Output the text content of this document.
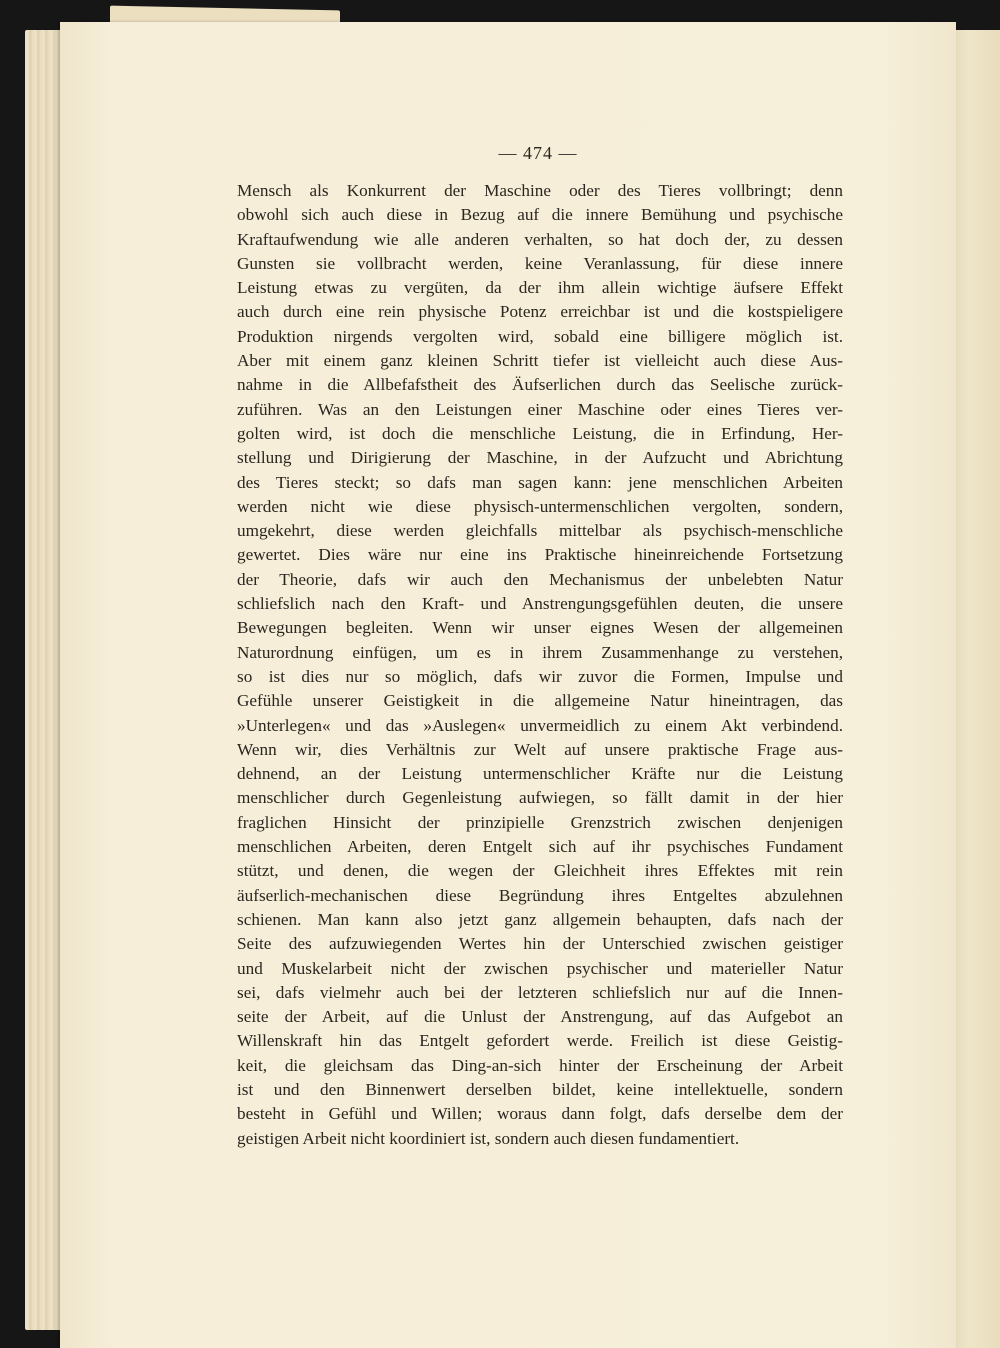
— 474 —
Mensch als Konkurrent der Maschine oder des Tieres vollbringt; denn
obwohl sich auch diese in Bezug auf die innere Bemühung und psychische
Kraftaufwendung wie alle anderen verhalten, so hat doch der, zu dessen
Gunsten sie vollbracht werden, keine Veranlassung, für diese innere
Leistung etwas zu vergüten, da der ihm allein wichtige äufsere Effekt
auch durch eine rein physische Potenz erreichbar ist und die kostspieligere
Produktion nirgends vergolten wird, sobald eine billigere möglich ist.
Aber mit einem ganz kleinen Schritt tiefer ist vielleicht auch diese Aus-
nahme in die Allbefafstheit des Äufserlichen durch das Seelische zurück-
zuführen. Was an den Leistungen einer Maschine oder eines Tieres ver-
golten wird, ist doch die menschliche Leistung, die in Erfindung, Her-
stellung und Dirigierung der Maschine, in der Aufzucht und Abrichtung
des Tieres steckt; so dafs man sagen kann: jene menschlichen Arbeiten
werden nicht wie diese physisch-untermenschlichen vergolten, sondern,
umgekehrt, diese werden gleichfalls mittelbar als psychisch-menschliche
gewertet. Dies wäre nur eine ins Praktische hineinreichende Fortsetzung
der Theorie, dafs wir auch den Mechanismus der unbelebten Natur
schliefslich nach den Kraft- und Anstrengungsgefühlen deuten, die unsere
Bewegungen begleiten. Wenn wir unser eignes Wesen der allgemeinen
Naturordnung einfügen, um es in ihrem Zusammenhange zu verstehen,
so ist dies nur so möglich, dafs wir zuvor die Formen, Impulse und
Gefühle unserer Geistigkeit in die allgemeine Natur hineintragen, das
»Unterlegen« und das »Auslegen« unvermeidlich zu einem Akt verbindend.
Wenn wir, dies Verhältnis zur Welt auf unsere praktische Frage aus-
dehnend, an der Leistung untermenschlicher Kräfte nur die Leistung
menschlicher durch Gegenleistung aufwiegen, so fällt damit in der hier
fraglichen Hinsicht der prinzipielle Grenzstrich zwischen denjenigen
menschlichen Arbeiten, deren Entgelt sich auf ihr psychisches Fundament
stützt, und denen, die wegen der Gleichheit ihres Effektes mit rein
äufserlich-mechanischen diese Begründung ihres Entgeltes abzulehnen
schienen. Man kann also jetzt ganz allgemein behaupten, dafs nach der
Seite des aufzuwiegenden Wertes hin der Unterschied zwischen geistiger
und Muskelarbeit nicht der zwischen psychischer und materieller Natur
sei, dafs vielmehr auch bei der letzteren schliefslich nur auf die Innen-
seite der Arbeit, auf die Unlust der Anstrengung, auf das Aufgebot an
Willenskraft hin das Entgelt gefordert werde. Freilich ist diese Geistig-
keit, die gleichsam das Ding-an-sich hinter der Erscheinung der Arbeit
ist und den Binnenwert derselben bildet, keine intellektuelle, sondern
besteht in Gefühl und Willen; woraus dann folgt, dafs derselbe dem der
geistigen Arbeit nicht koordiniert ist, sondern auch diesen fundamentiert.
